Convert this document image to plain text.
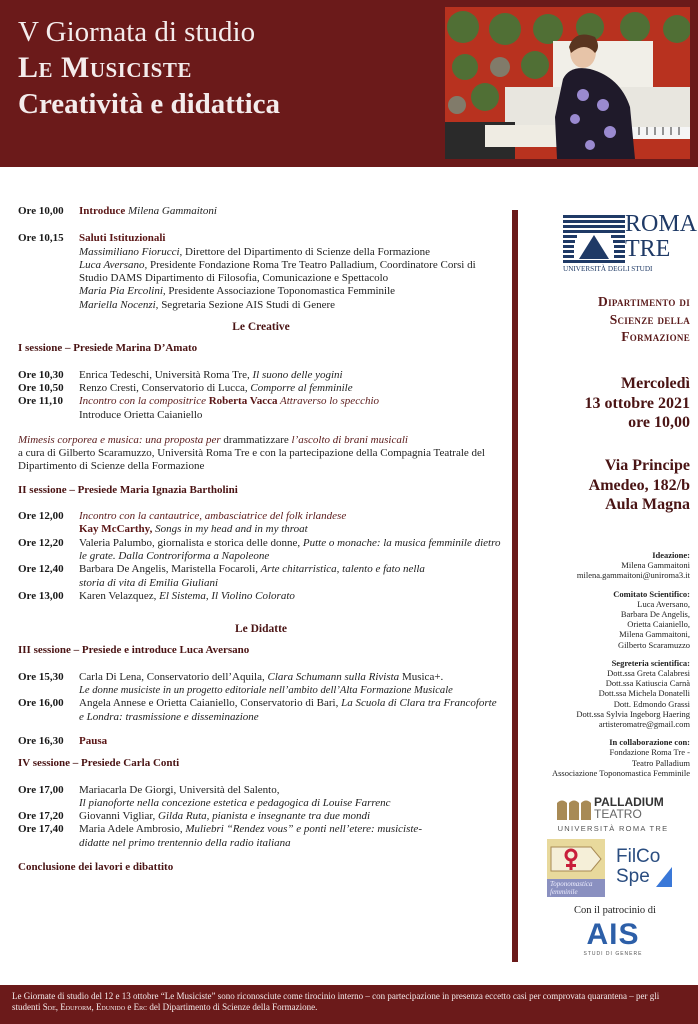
V Giornata di studio
Le Musiciste
Creatività e didattica
Ore 10,00	Introduce Milena Gammaitoni
Ore 10,15	Saluti Istituzionali
Massimiliano Fiorucci, Direttore del Dipartimento di Scienze della Formazione
Luca Aversano, Presidente Fondazione Roma Tre Teatro Palladium, Coordinatore Corsi di Studio DAMS Dipartimento di Filosofia, Comunicazione e Spettacolo
Maria Pia Ercolini, Presidente Associazione Toponomastica Femminile
Mariella Nocenzi, Segretaria Sezione AIS Studi di Genere
Le Creative
I sessione – Presiede Marina D’Amato
Ore 10,30	Enrica Tedeschi, Università Roma Tre, Il suono delle yogini
Ore 10,50	Renzo Cresti, Conservatorio di Lucca, Comporre al femminile
Ore 11,10	Incontro con la compositrice Roberta Vacca Attraverso lo specchio
Introduce Orietta Caianiello
Mimesis corporea e musica: una proposta per drammatizzare l’ascolto di brani musicali
a cura di Gilberto Scaramuzzo, Università Roma Tre e con la partecipazione della Compagnia Teatrale del Dipartimento di Scienze della Formazione
II sessione – Presiede Maria Ignazia Bartholini
Ore 12,00	Incontro con la cantautrice, ambasciatrice del folk irlandese
Kay McCarthy, Songs in my head and in my throat
Ore 12,20	Valeria Palumbo, giornalista e storica delle donne, Putte o monache: la musica femminile dietro le grate. Dalla Controriforma a Napoleone
Ore 12,40	Barbara De Angelis, Maristella Focaroli, Arte chitarristica, talento e fato nella storia di vita di Emilia Giuliani
Ore 13,00	Karen Velazquez, El Sistema, Il Violino Colorato
Le Didatte
III sessione – Presiede e introduce Luca Aversano
Ore 15,30	Carla Di Lena, Conservatorio dell’Aquila, Clara Schumann sulla Rivista Musica+.
Le donne musiciste in un progetto editoriale nell’ambito dell’Alta Formazione Musicale
Ore 16,00	Angela Annese e Orietta Caianiello, Conservatorio di Bari, La Scuola di Clara tra Francoforte e Londra: trasmissione e disseminazione
Ore 16,30	Pausa
IV sessione – Presiede Carla Conti
Ore 17,00	Mariacarla De Giorgi, Università del Salento,
Il pianoforte nella concezione estetica e pedagogica di Louise Farrenc
Ore 17,20	Giovanni Vigliar, Gilda Ruta, pianista e insegnante tra due mondi
Ore 17,40	Maria Adele Ambrosio, Muliebri “Rendez vous” e ponti nell’etere: musiciste-didatte nel primo trentennio della radio italiana
Conclusione dei lavori e dibattito
ROMA
TRE
UNIVERSITÀ DEGLI STUDI
Dipartimento di
Scienze della
Formazione
Mercoledì
13 ottobre 2021
ore 10,00
Via Principe
Amedeo, 182/b
Aula Magna
Ideazione:
Milena Gammaitoni
milena.gammaitoni@uniroma3.it
Comitato Scientifico:
Luca Aversano,
Barbara De Angelis,
Orietta Caianiello,
Milena Gammaitoni,
Gilberto Scaramuzzo
Segreteria scientifica:
Dott.ssa Greta Calabresi
Dott.ssa Katiuscia Carnà
Dott.ssa Michela Donatelli
Dott. Edmondo Grassi
Dott.ssa Sylvia Ingeborg Haering
artisteromatre@gmail.com
In collaborazione con:
Fondazione Roma Tre -
Teatro Palladium
Associazione Toponomastica Femminile
PALLADIUM
TEATRO
UNIVERSITÀ ROMA TRE
Toponomastica
femminile
FilCo
Spe
Con il patrocinio di
AIS
STUDI DI GENERE
Le Giornate di studio del 12 e 13 ottobre “Le Musiciste” sono riconosciute come tirocinio interno – con partecipazione in presenza eccetto casi per comprovata quarantena – per gli studenti Sde, Eduform, Edunido e Erc del Dipartimento di Scienze della Formazione.
